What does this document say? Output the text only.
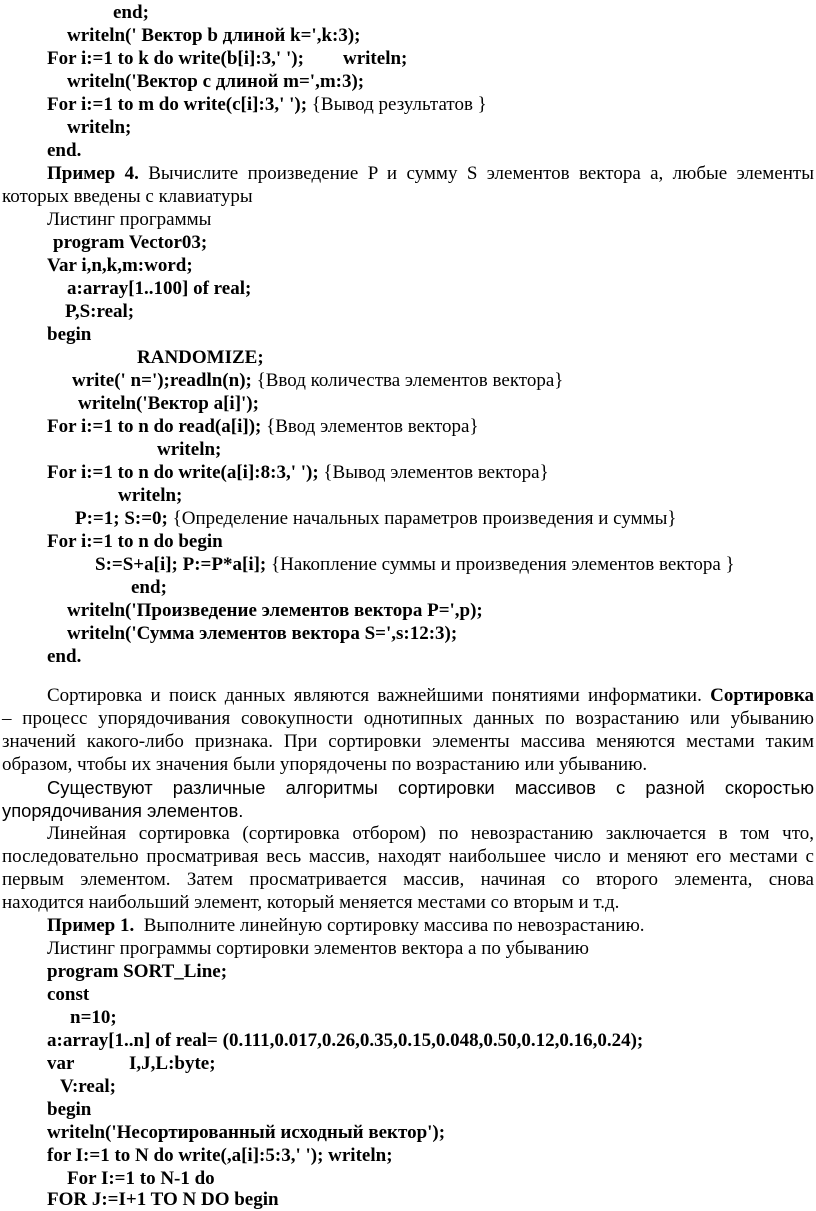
end;
writeln(' Вектор b длиной k=',k:3);
For i:=1 to k do write(b[i]:3,' '); writeln;
writeln('Вектор с длиной m=',m:3);
For i:=1 to m do write(c[i]:3,' '); {Вывод результатов }
writeln;
end.
Пример 4. Вычислите произведение P и сумму S элементов вектора a, любые элементы
которых введены с клавиатуры
Листинг программы
program Vector03;
Var i,n,k,m:word;
a:array[1..100] of real;
P,S:real;
begin
RANDOMIZE;
write(' n=');readln(n); {Ввод количества элементов вектора}
writeln('Вектор a[i]');
For i:=1 to n do read(a[i]); {Ввод элементов вектора}
writeln;
For i:=1 to n do write(a[i]:8:3,' '); {Вывод элементов вектора}
writeln;
P:=1; S:=0; {Определение начальных параметров произведения и суммы}
For i:=1 to n do begin
S:=S+a[i]; P:=P*a[i]; {Накопление суммы и произведения элементов вектора }
end;
writeln('Произведение элементов вектора P=',p);
writeln('Сумма элементов вектора S=',s:12:3);
end.
Сортировка и поиск данных являются важнейшими понятиями информатики. Сортировка
– процесс упорядочивания совокупности однотипных данных по возрастанию или убыванию
значений какого-либо признака. При сортировки элементы массива меняются местами таким
образом, чтобы их значения были упорядочены по возрастанию или убыванию.
Существуют различные алгоритмы сортировки массивов с разной скоростью
упорядочивания элементов.
Линейная сортировка (сортировка отбором) по невозрастанию заключается в том что,
последовательно просматривая весь массив, находят наибольшее число и меняют его местами с
первым элементом. Затем просматривается массив, начиная со второго элемента, снова
находится наибольший элемент, который меняется местами со вторым и т.д.
Пример 1. Выполните линейную сортировку массива по невозрастанию.
Листинг программы сортировки элементов вектора a по убыванию
program SORT_Line;
const
n=10;
a:array[1..n] of real= (0.111,0.017,0.26,0.35,0.15,0.048,0.50,0.12,0.16,0.24);
var	I,J,L:byte;
V:real;
begin
writeln('Несортированный исходный вектор');
for I:=1 to N do write(,a[i]:5:3,' '); writeln;
For I:=1 to N-1 do
FOR J:=I+1 TO N DO begin
